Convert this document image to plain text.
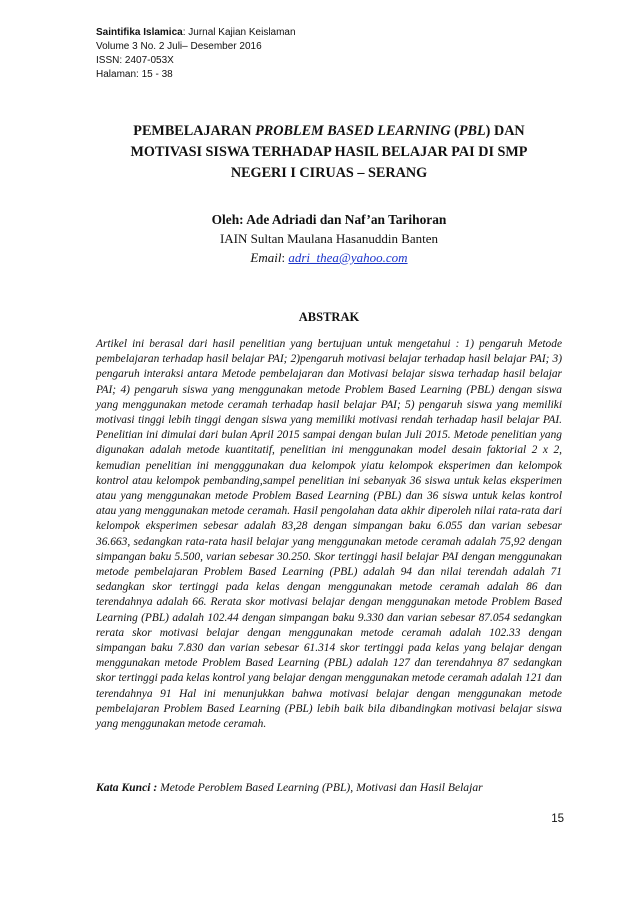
Saintifika Islamica: Jurnal Kajian Keislaman
Volume 3 No. 2 Juli– Desember 2016
ISSN: 2407-053X
Halaman: 15 - 38
PEMBELAJARAN PROBLEM BASED LEARNING (PBL) DAN
MOTIVASI SISWA TERHADAP HASIL BELAJAR PAI DI SMP
NEGERI I CIRUAS – SERANG
Oleh: Ade Adriadi dan Naf’an Tarihoran
IAIN Sultan Maulana Hasanuddin Banten
Email: adri_thea@yahoo.com
ABSTRAK

Artikel ini berasal dari hasil penelitian yang bertujuan untuk mengetahui : 1) pengaruh Metode pembelajaran terhadap hasil belajar PAI; 2)pengaruh motivasi belajar terhadap hasil belajar PAI; 3) pengaruh interaksi antara Metode pembelajaran dan Motivasi belajar siswa terhadap hasil belajar PAI; 4) pengaruh siswa yang menggunakan metode Problem Based Learning (PBL) dengan siswa yang menggunakan metode ceramah terhadap hasil belajar PAI; 5) pengaruh siswa yang memiliki motivasi tinggi lebih tinggi dengan siswa yang memiliki motivasi rendah terhadap hasil belajar PAI. Penelitian ini dimulai dari bulan April 2015 sampai dengan bulan Juli 2015. Metode penelitian yang digunakan adalah metode kuantitatif, penelitian ini menggunakan model desain faktorial 2 x 2, kemudian penelitian ini mengggunakan dua kelompok yiatu kelompok eksperimen dan kelompok kontrol atau kelompok pembanding,sampel penelitian ini sebanyak 36 siswa untuk kelas eksperimen atau yang menggunakan metode Problem Based Learning (PBL) dan 36 siswa untuk kelas kontrol atau yang menggunakan metode ceramah. Hasil pengolahan data akhir diperoleh nilai rata-rata dari kelompok eksperimen sebesar adalah 83,28 dengan simpangan baku 6.055 dan varian sebesar 36.663, sedangkan rata-rata hasil belajar yang menggunakan metode ceramah adalah 75,92 dengan simpangan baku 5.500, varian sebesar 30.250. Skor tertinggi hasil belajar PAI dengan menggunakan metode pembelajaran Problem Based Learning (PBL) adalah 94 dan nilai terendah adalah 71 sedangkan skor tertinggi pada kelas dengan menggunakan metode ceramah adalah 86 dan terendahnya adalah 66. Rerata skor motivasi belajar dengan menggunakan metode Problem Based Learning (PBL) adalah 102.44 dengan simpangan baku 9.330 dan varian sebesar 87.054 sedangkan rerata skor motivasi belajar dengan menggunakan metode ceramah adalah 102.33 dengan simpangan baku 7.830 dan varian sebesar 61.314 skor tertinggi pada kelas yang belajar dengan menggunakan metode Problem Based Learning (PBL) adalah 127 dan terendahnya 87 sedangkan skor tertinggi pada kelas kontrol yang belajar dengan menggunakan metode ceramah adalah 121 dan terendahnya 91 Hal ini menunjukkan bahwa motivasi belajar dengan menggunakan metode pembelajaran Problem Based Learning (PBL) lebih baik bila dibandingkan motivasi belajar siswa yang menggunakan metode ceramah.

Kata Kunci : Metode Peroblem Based Learning (PBL), Motivasi dan Hasil Belajar
15
